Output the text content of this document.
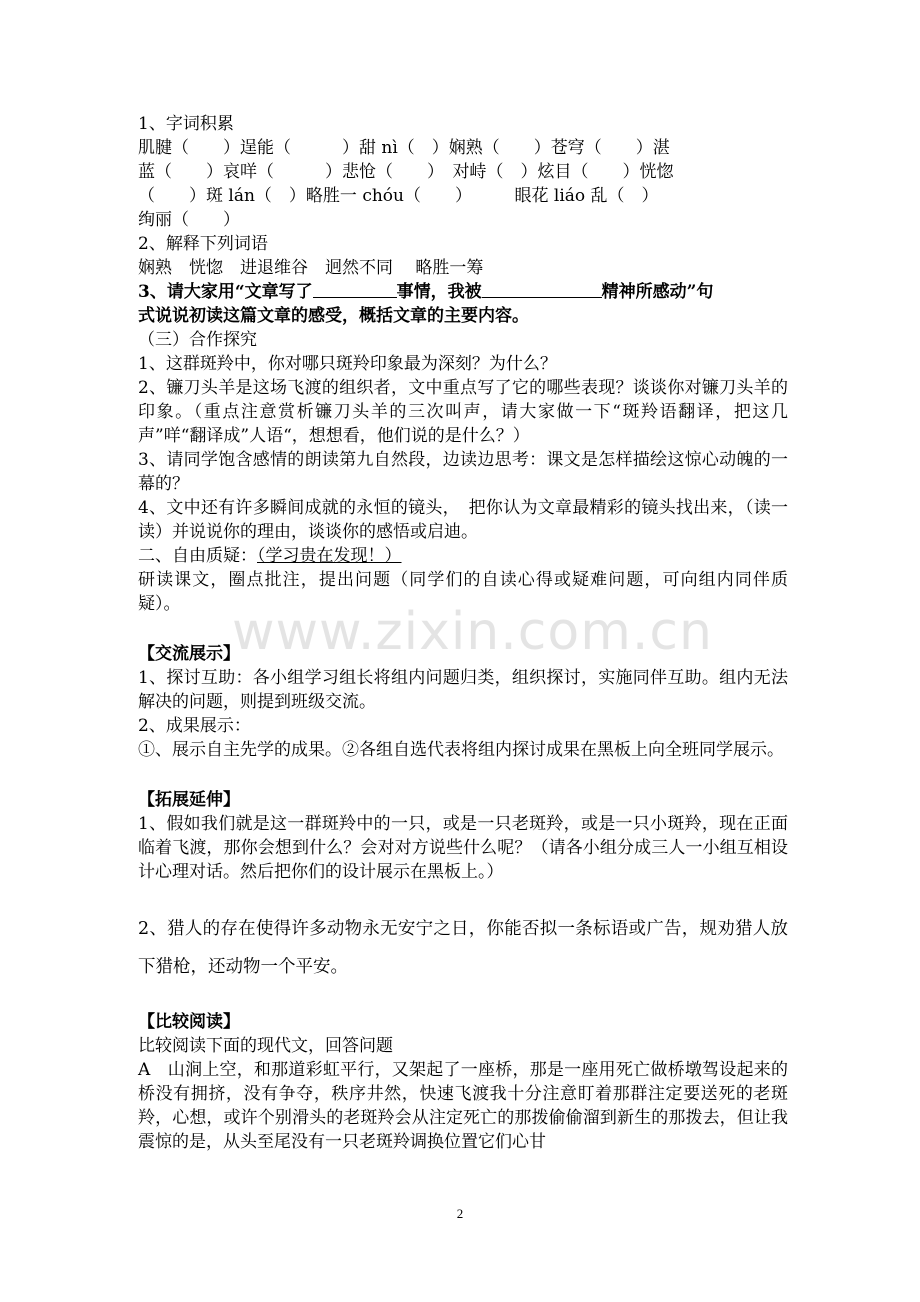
www.zixin.com.cn
1、字词积累
肌腱（　　）逞能（　　　）甜 nì（　）娴熟（　　）苍穹（　　）湛
蓝（　　）哀咩（　　　）悲怆（　　）　对峙（　）炫目（　　）恍惚
（　　）斑 lán（　）略胜一 chóu（　　）　　　眼花 liáo 乱（　）
绚丽（　　）
2、解释下列词语
娴熟　恍惚　进退维谷　迥然不同　 略胜一筹
3、请大家用“文章写了	事情，我被	精神所感动”句
式说说初读这篇文章的感受，概括文章的主要内容。
（三）合作探究

1、这群斑羚中，你对哪只斑羚印象最为深刻？为什么？

2、镰刀头羊是这场飞渡的组织者，文中重点写了它的哪些表现？谈谈你对镰刀头羊的印象。（重点注意赏析镰刀头羊的三次叫声，请大家做一下“斑羚语翻译，把这几声”咩“翻译成”人语“，想想看，他们说的是什么？）

3、请同学饱含感情的朗读第九自然段，边读边思考：课文是怎样描绘这惊心动魄的一幕的？

4、文中还有许多瞬间成就的永恒的镜头，　把你认为文章最精彩的镜头找出来，（读一读）并说说你的理由，谈谈你的感悟或启迪。

二、自由质疑：（学习贵在发现！）

研读课文，圈点批注，提出问题（同学们的自读心得或疑难问题，可向组内同伴质疑）。

【交流展示】

1、探讨互助：各小组学习组长将组内问题归类，组织探讨，实施同伴互助。组内无法解决的问题，则提到班级交流。

2、成果展示：

①、展示自主先学的成果。②各组自选代表将组内探讨成果在黑板上向全班同学展示。

【拓展延伸】

1、假如我们就是这一群斑羚中的一只，或是一只老斑羚，或是一只小斑羚，现在正面临着飞渡，那你会想到什么？会对对方说些什么呢？（请各小组分成三人一小组互相设计心理对话。然后把你们的设计展示在黑板上。）

2、猎人的存在使得许多动物永无安宁之日，你能否拟一条标语或广告，规劝猎人放下猎枪，还动物一个平安。

【比较阅读】
比较阅读下面的现代文，回答问题

A　山涧上空，和那道彩虹平行，又架起了一座桥，那是一座用死亡做桥墩驾设起来的桥没有拥挤，没有争夺，秩序井然，快速飞渡我十分注意盯着那群注定要送死的老斑羚，心想，或许个别滑头的老斑羚会从注定死亡的那拨偷偷溜到新生的那拨去，但让我震惊的是，从头至尾没有一只老斑羚调换位置它们心甘

2
